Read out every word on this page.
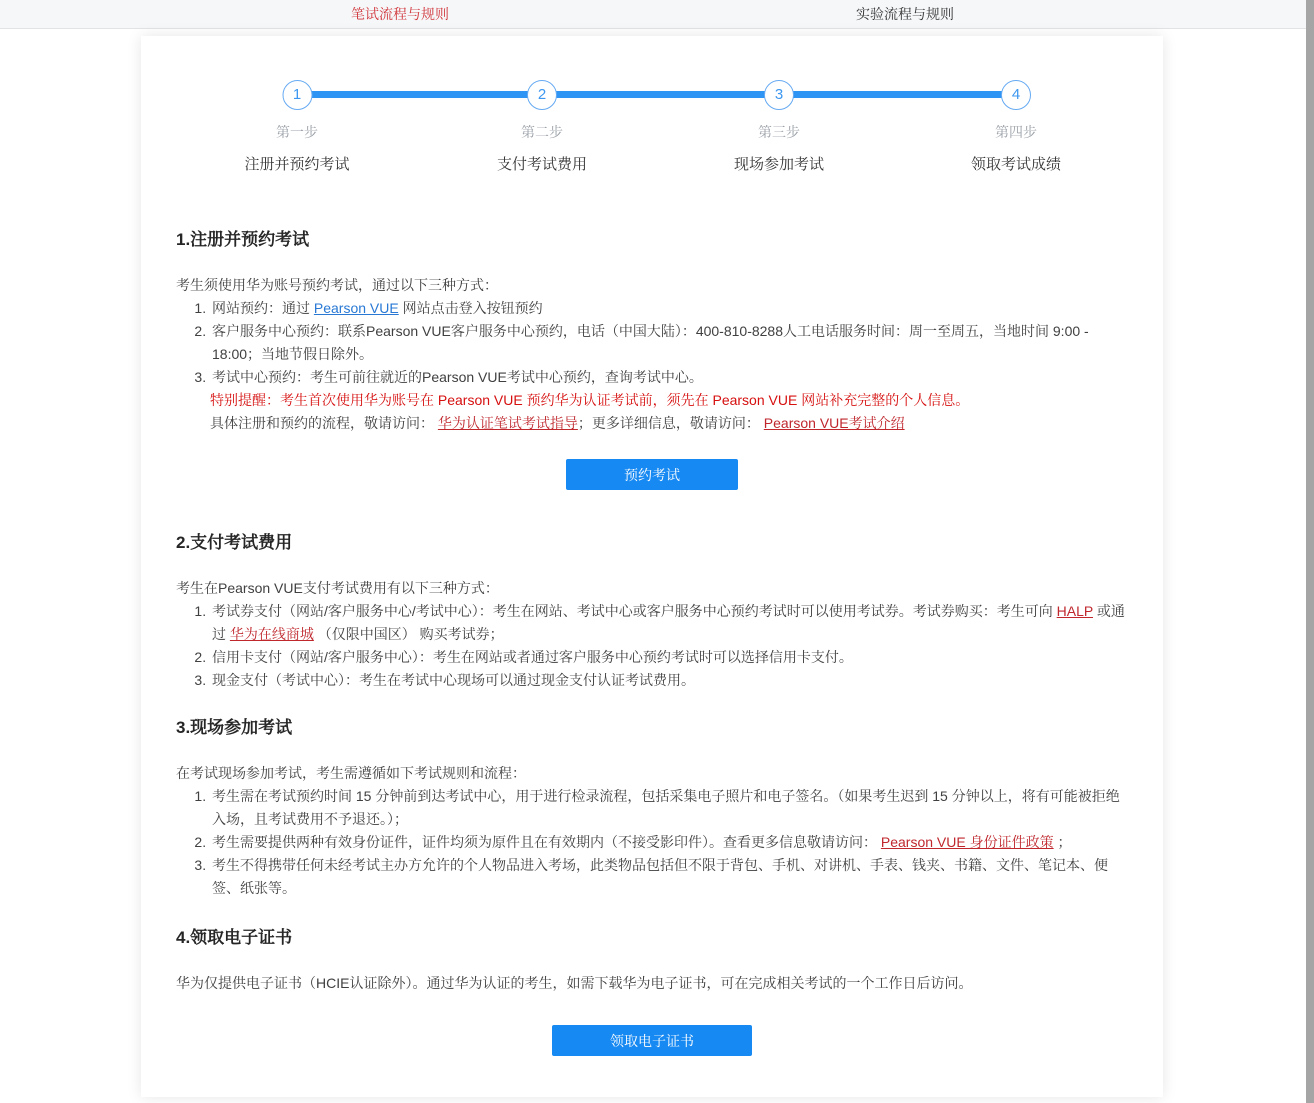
笔试流程与规则	实验流程与规则
1
第一步
注册并预约考试
2
第二步
支付考试费用
3
第三步
现场参加考试
4
第四步
领取考试成绩
1.注册并预约考试
考生须使用华为账号预约考试，通过以下三种方式：
1. 网站预约：通过 Pearson VUE 网站点击登入按钮预约
2. 客户服务中心预约：联系Pearson VUE客户服务中心预约，电话（中国大陆）：400-810-8288人工电话服务时间：周一至周五，当地时间 9:00 - 18:00；当地节假日除外。
3. 考试中心预约：考生可前往就近的Pearson VUE考试中心预约，查询考试中心。
特别提醒：考生首次使用华为账号在 Pearson VUE 预约华为认证考试前，须先在 Pearson VUE 网站补充完整的个人信息。
具体注册和预约的流程，敬请访问： 华为认证笔试考试指导；更多详细信息，敬请访问： Pearson VUE考试介绍
预约考试
2.支付考试费用
考生在Pearson VUE支付考试费用有以下三种方式：
1. 考试券支付（网站/客户服务中心/考试中心）：考生在网站、考试中心或客户服务中心预约考试时可以使用考试券。考试券购买：考生可向 HALP 或通过 华为在线商城 （仅限中国区） 购买考试券；
2. 信用卡支付（网站/客户服务中心）：考生在网站或者通过客户服务中心预约考试时可以选择信用卡支付。
3. 现金支付（考试中心）：考生在考试中心现场可以通过现金支付认证考试费用。
3.现场参加考试
在考试现场参加考试，考生需遵循如下考试规则和流程：
1. 考生需在考试预约时间 15 分钟前到达考试中心，用于进行检录流程，包括采集电子照片和电子签名。（如果考生迟到 15 分钟以上，将有可能被拒绝入场，且考试费用不予退还。）；
2. 考生需要提供两种有效身份证件，证件均须为原件且在有效期内（不接受影印件）。查看更多信息敬请访问： Pearson VUE 身份证件政策 ；
3. 考生不得携带任何未经考试主办方允许的个人物品进入考场，此类物品包括但不限于背包、手机、对讲机、手表、钱夹、书籍、文件、笔记本、便签、纸张等。
4.领取电子证书
华为仅提供电子证书（HCIE认证除外）。通过华为认证的考生，如需下载华为电子证书，可在完成相关考试的一个工作日后访问。
领取电子证书
